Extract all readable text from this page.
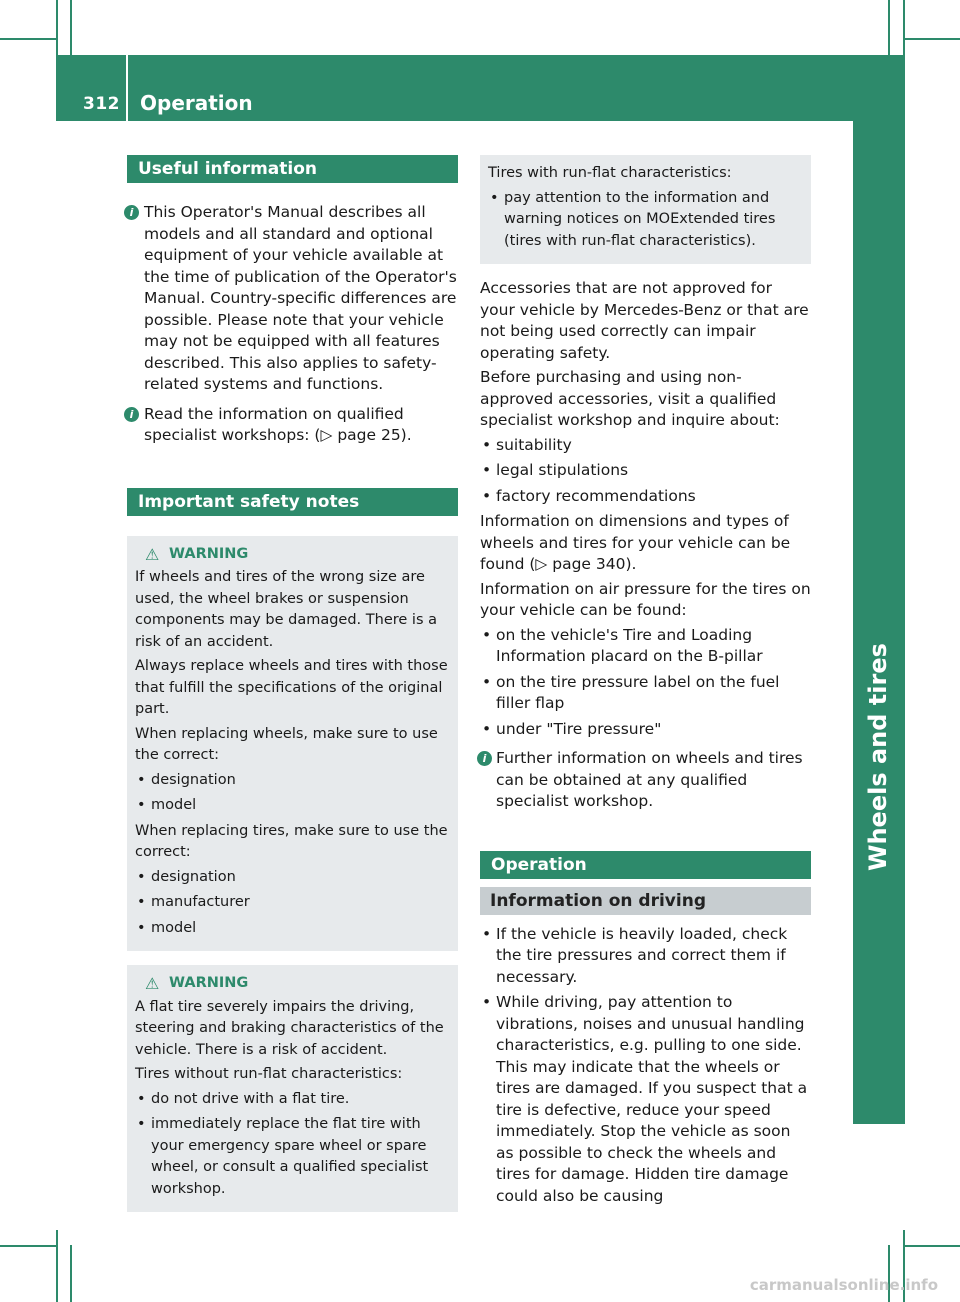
312 Operation
Wheels and tires
Useful information
i This Operator's Manual describes all models and all standard and optional equipment of your vehicle available at the time of publication of the Operator's Manual. Country-specific differences are possible. Please note that your vehicle may not be equipped with all features described. This also applies to safety-related systems and functions.
i Read the information on qualified specialist workshops: (▷ page 25).
Important safety notes
⚠ WARNING

If wheels and tires of the wrong size are used, the wheel brakes or suspension components may be damaged. There is a risk of an accident.

Always replace wheels and tires with those that fulfill the specifications of the original part.

When replacing wheels, make sure to use the correct:

• designation
• model

When replacing tires, make sure to use the correct:

• designation
• manufacturer
• model
⚠ WARNING

A flat tire severely impairs the driving, steering and braking characteristics of the vehicle. There is a risk of accident.

Tires without run-flat characteristics:

• do not drive with a flat tire.
• immediately replace the flat tire with your emergency spare wheel or spare wheel, or consult a qualified specialist workshop.

Tires with run-flat characteristics:

• pay attention to the information and warning notices on MOExtended tires (tires with run-flat characteristics).

Accessories that are not approved for your vehicle by Mercedes-Benz or that are not being used correctly can impair operating safety.

Before purchasing and using non-approved accessories, visit a qualified specialist workshop and inquire about:

• suitability
• legal stipulations
• factory recommendations

Information on dimensions and types of wheels and tires for your vehicle can be found (▷ page 340).

Information on air pressure for the tires on your vehicle can be found:

• on the vehicle's Tire and Loading Information placard on the B-pillar
• on the tire pressure label on the fuel filler flap
• under "Tire pressure"
i Further information on wheels and tires can be obtained at any qualified specialist workshop.
Operation
Information on driving
• If the vehicle is heavily loaded, check the tire pressures and correct them if necessary.
• While driving, pay attention to vibrations, noises and unusual handling characteristics, e.g. pulling to one side. This may indicate that the wheels or tires are damaged. If you suspect that a tire is defective, reduce your speed immediately. Stop the vehicle as soon as possible to check the wheels and tires for damage. Hidden tire damage could also be causing
carmanualsonline.info
